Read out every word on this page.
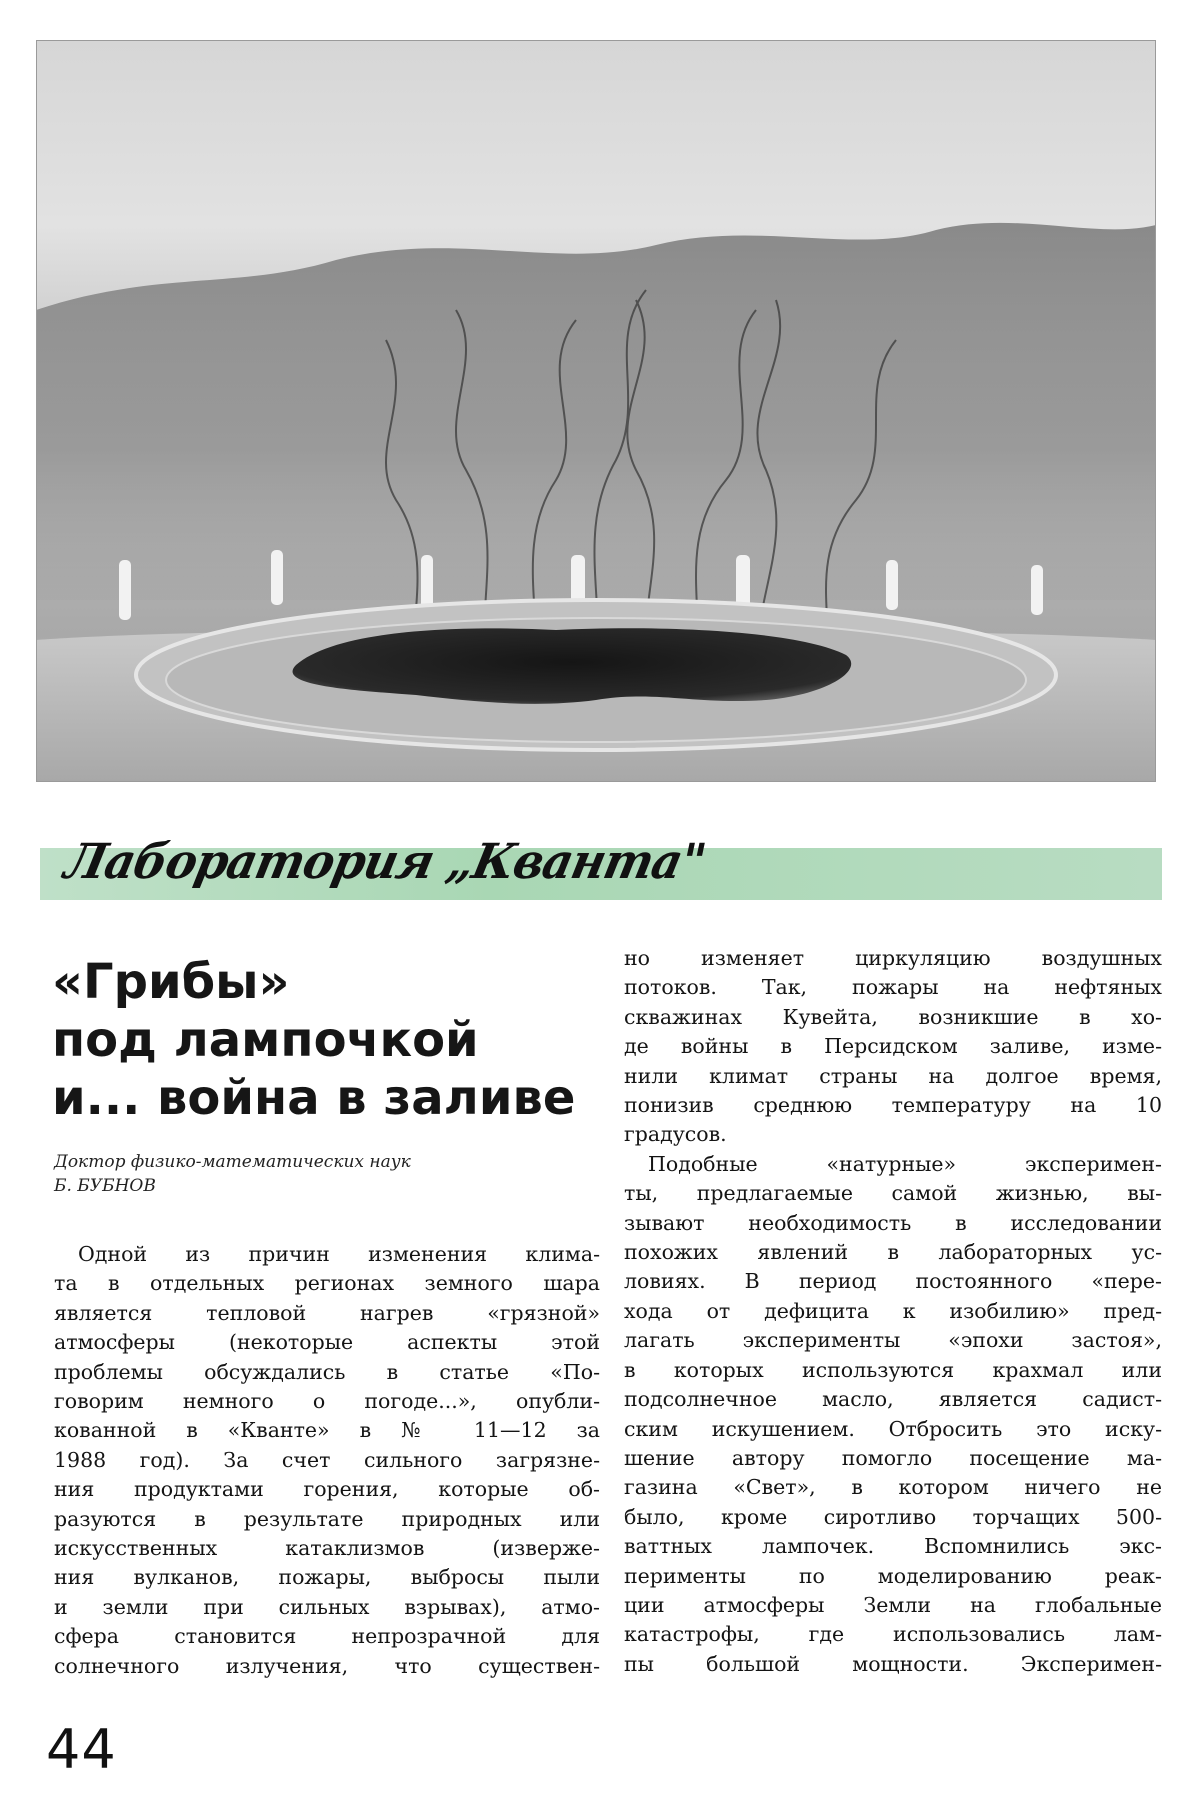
Лаборатория „Кванта"
«Грибы»
под лампочкой
и... война в заливе
Доктор физико-математических наук
Б. БУБНОВ
Одной из причин изменения клима-
та в отдельных регионах земного шара
является тепловой нагрев «грязной»
атмосферы (некоторые аспекты этой
проблемы обсуждались в статье «По-
говорим немного о погоде...», опубли-
кованной в «Кванте» в № 11—12 за
1988 год). За счет сильного загрязне-
ния продуктами горения, которые об-
разуются в результате природных или
искусственных катаклизмов (изверже-
ния вулканов, пожары, выбросы пыли
и земли при сильных взрывах), атмо-
сфера становится непрозрачной для
солнечного излучения, что существен-
но изменяет циркуляцию воздушных
потоков. Так, пожары на нефтяных
скважинах Кувейта, возникшие в хо-
де войны в Персидском заливе, изме-
нили климат страны на долгое время,
понизив среднюю температуру на 10
градусов.
Подобные «натурные» эксперимен-
ты, предлагаемые самой жизнью, вы-
зывают необходимость в исследовании
похожих явлений в лабораторных ус-
ловиях. В период постоянного «пере-
хода от дефицита к изобилию» пред-
лагать эксперименты «эпохи застоя»,
в которых используются крахмал или
подсолнечное масло, является садист-
ским искушением. Отбросить это иску-
шение автору помогло посещение ма-
газина «Свет», в котором ничего не
было, кроме сиротливо торчащих 500-
ваттных лампочек. Вспомнились экс-
перименты по моделированию реак-
ции атмосферы Земли на глобальные
катастрофы, где использовались лам-
пы большой мощности. Эксперимен-
44
